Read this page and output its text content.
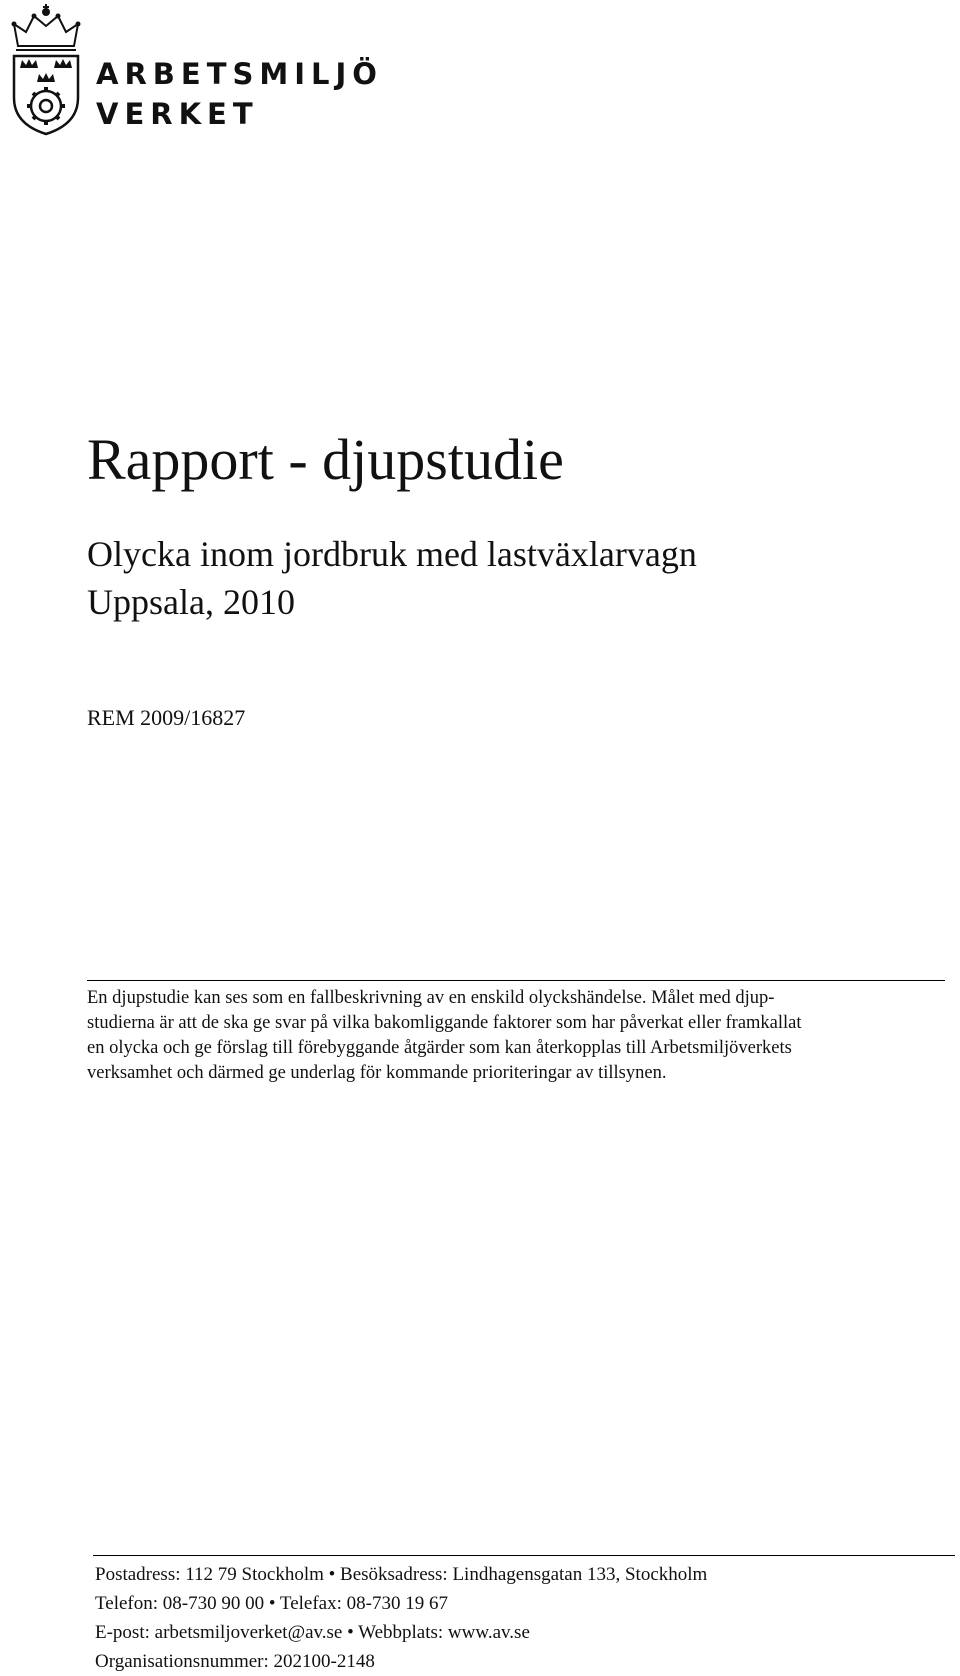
ARBETSMILJÖ
VERKET
Rapport - djupstudie
Olycka inom jordbruk med lastväxlarvagn
Uppsala, 2010
REM 2009/16827
En djupstudie kan ses som en fallbeskrivning av en enskild olyckshändelse. Målet med djup-
studierna är att de ska ge svar på vilka bakomliggande faktorer som har påverkat eller framkallat
en olycka och ge förslag till förebyggande åtgärder som kan återkopplas till Arbetsmiljöverkets
verksamhet och därmed ge underlag för kommande prioriteringar av tillsynen.
Postadress: 112 79 Stockholm • Besöksadress: Lindhagensgatan 133, Stockholm
Telefon: 08-730 90 00 • Telefax: 08-730 19 67
E-post: arbetsmiljoverket@av.se • Webbplats: www.av.se
Organisationsnummer: 202100-2148
